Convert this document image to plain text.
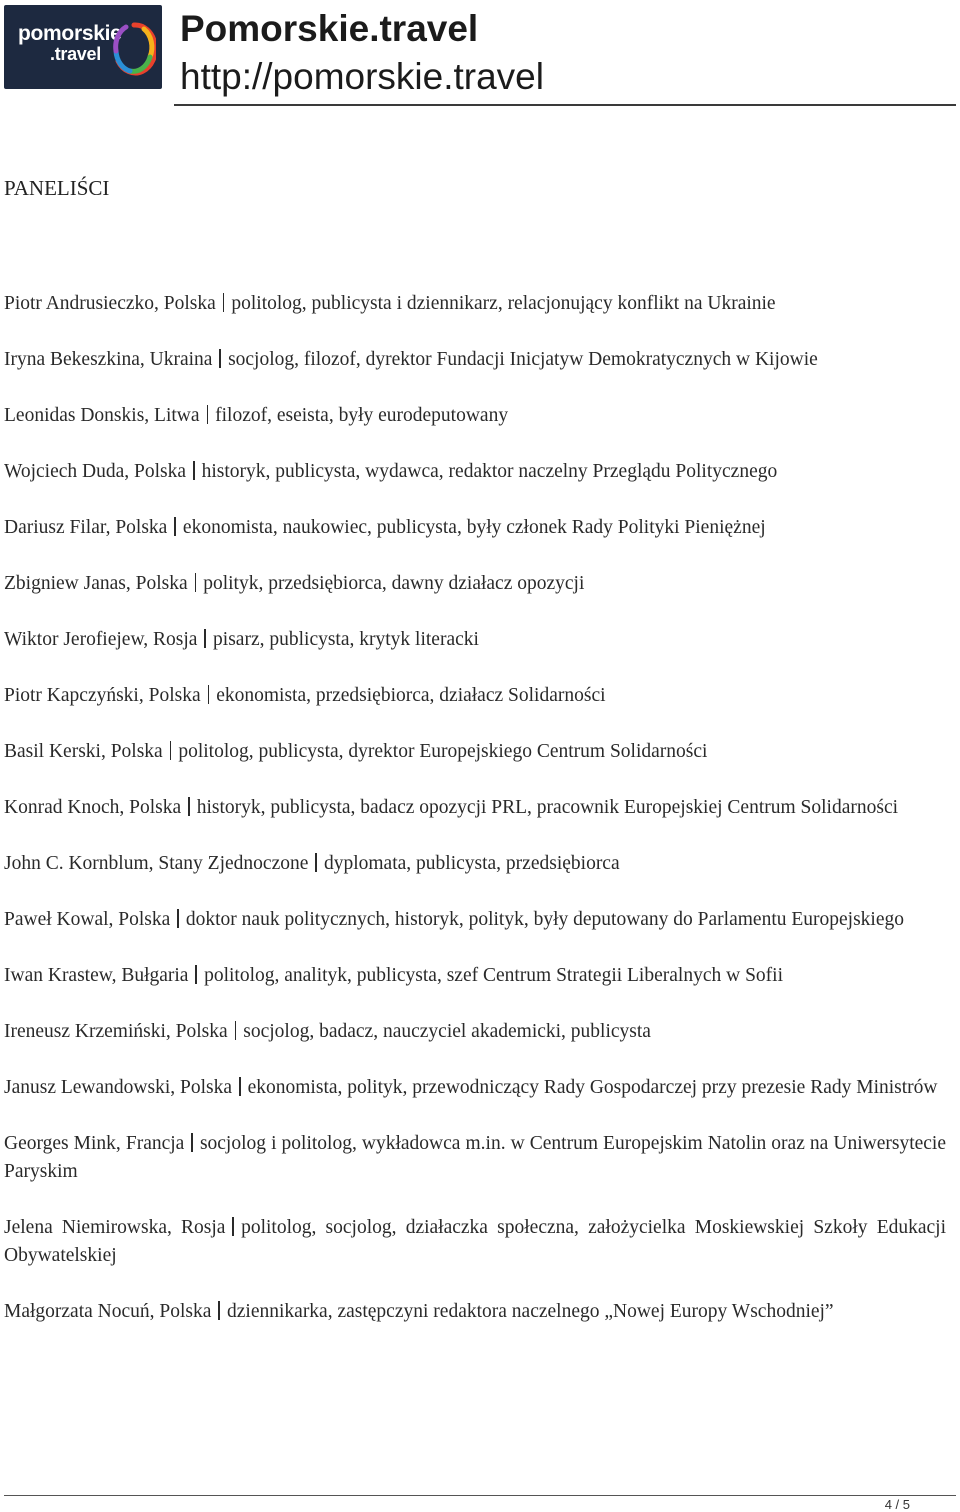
pomorskie
.travel
Pomorskie.travel
http://pomorskie.travel
PANELIŚCI

Piotr Andrusieczko, Polska politolog, publicysta i dziennikarz, relacjonujący konflikt na Ukrainie

Iryna Bekeszkina, Ukraina socjolog, filozof, dyrektor Fundacji Inicjatyw Demokratycznych w Kijowie

Leonidas Donskis, Litwa filozof, eseista, były eurodeputowany

Wojciech Duda, Polska historyk, publicysta, wydawca, redaktor naczelny Przeglądu Politycznego

Dariusz Filar, Polska ekonomista, naukowiec, publicysta, były członek Rady Polityki Pieniężnej

Zbigniew Janas, Polska polityk, przedsiębiorca, dawny działacz opozycji

Wiktor Jerofiejew, Rosja pisarz, publicysta, krytyk literacki

Piotr Kapczyński, Polska ekonomista, przedsiębiorca, działacz Solidarności

Basil Kerski, Polska politolog, publicysta, dyrektor Europejskiego Centrum Solidarności

Konrad Knoch, Polska historyk, publicysta, badacz opozycji PRL, pracownik Europejskiej Centrum Solidarności

John C. Kornblum, Stany Zjednoczone dyplomata, publicysta, przedsiębiorca

Paweł Kowal, Polska doktor nauk politycznych, historyk, polityk, były deputowany do Parlamentu Europejskiego

Iwan Krastew, Bułgaria politolog, analityk, publicysta, szef Centrum Strategii Liberalnych w Sofii

Ireneusz Krzemiński, Polska socjolog, badacz, nauczyciel akademicki, publicysta

Janusz Lewandowski, Polska ekonomista, polityk, przewodniczący Rady Gospodarczej przy prezesie Rady Ministrów

Georges Mink, Francja socjolog i politolog, wykładowca m.in. w Centrum Europejskim Natolin oraz na Uniwersytecie Paryskim

Jelena Niemirowska, Rosja politolog, socjolog, działaczka społeczna, założycielka Moskiewskiej Szkoły Edukacji Obywatelskiej

Małgorzata Nocuń, Polska dziennikarka, zastępczyni redaktora naczelnego „Nowej Europy Wschodniej”

4 / 5
